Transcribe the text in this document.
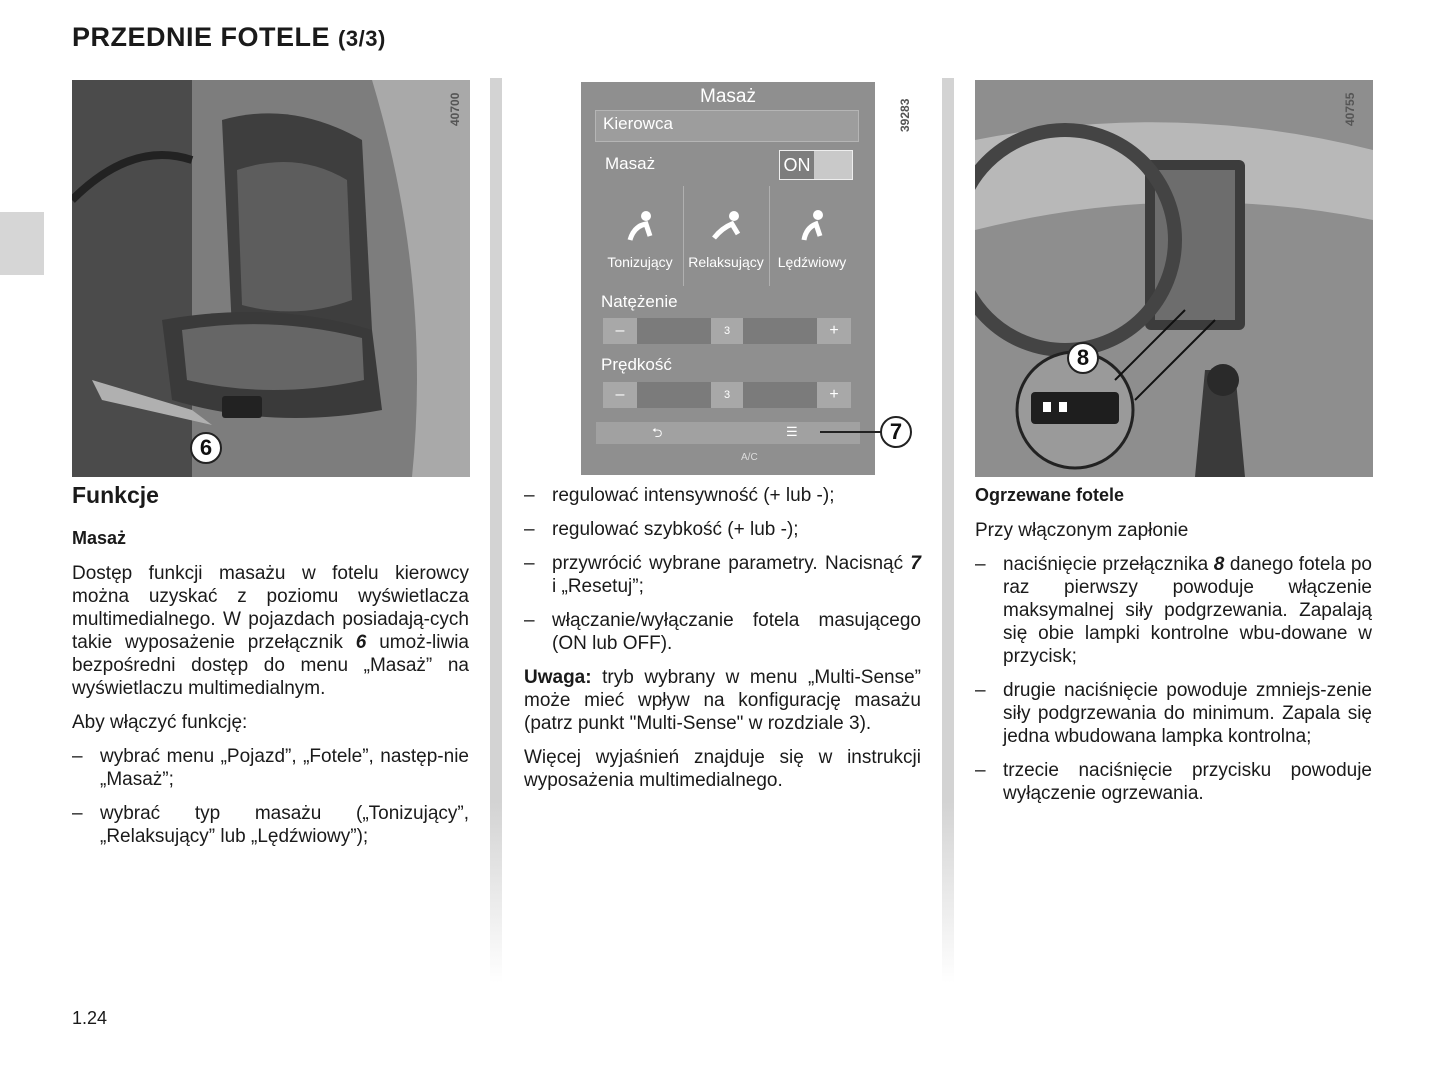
PRZEDNIE FOTELE (3/3)
40700
6
Masaż
Kierowca
Masaż	ON
Tonizujący	Relaksujący	Lędźwiowy
Natężenie
–	3	+
Prędkość
–	3	+
⮌	☰
A/C
39283
7
40755
8
Funkcje
Masaż

Dostęp funkcji masażu w fotelu kierowcy można uzyskać z poziomu wyświetlacza multimedialnego. W pojazdach posiadają-cych takie wyposażenie przełącznik 6 umoż-liwia bezpośredni dostęp do menu „Masaż” na wyświetlaczu multimedialnym.

Aby włączyć funkcję:

– wybrać menu „Pojazd”, „Fotele”, następ-nie „Masaż”;
– wybrać typ masażu („Tonizujący”, „Relaksujący” lub „Lędźwiowy”);
– regulować intensywność (+ lub -);
– regulować szybkość (+ lub -);
– przywrócić wybrane parametry. Nacisnąć 7 i „Resetuj”;
– włączanie/wyłączanie fotela masującego (ON lub OFF).

Uwaga: tryb wybrany w menu „Multi-Sense” może mieć wpływ na konfigurację masażu (patrz punkt "Multi-Sense" w rozdziale 3).

Więcej wyjaśnień znajduje się w instrukcji wyposażenia multimedialnego.

Ogrzewane fotele

Przy włączonym zapłonie

– naciśnięcie przełącznika 8 danego fotela po raz pierwszy powoduje włączenie maksymalnej siły podgrzewania. Zapalają się obie lampki kontrolne wbu-dowane w przycisk;
– drugie naciśnięcie powoduje zmniejs-zenie siły podgrzewania do minimum. Zapala się jedna wbudowana lampka kontrolna;
– trzecie naciśnięcie przycisku powoduje wyłączenie ogrzewania.
1.24
